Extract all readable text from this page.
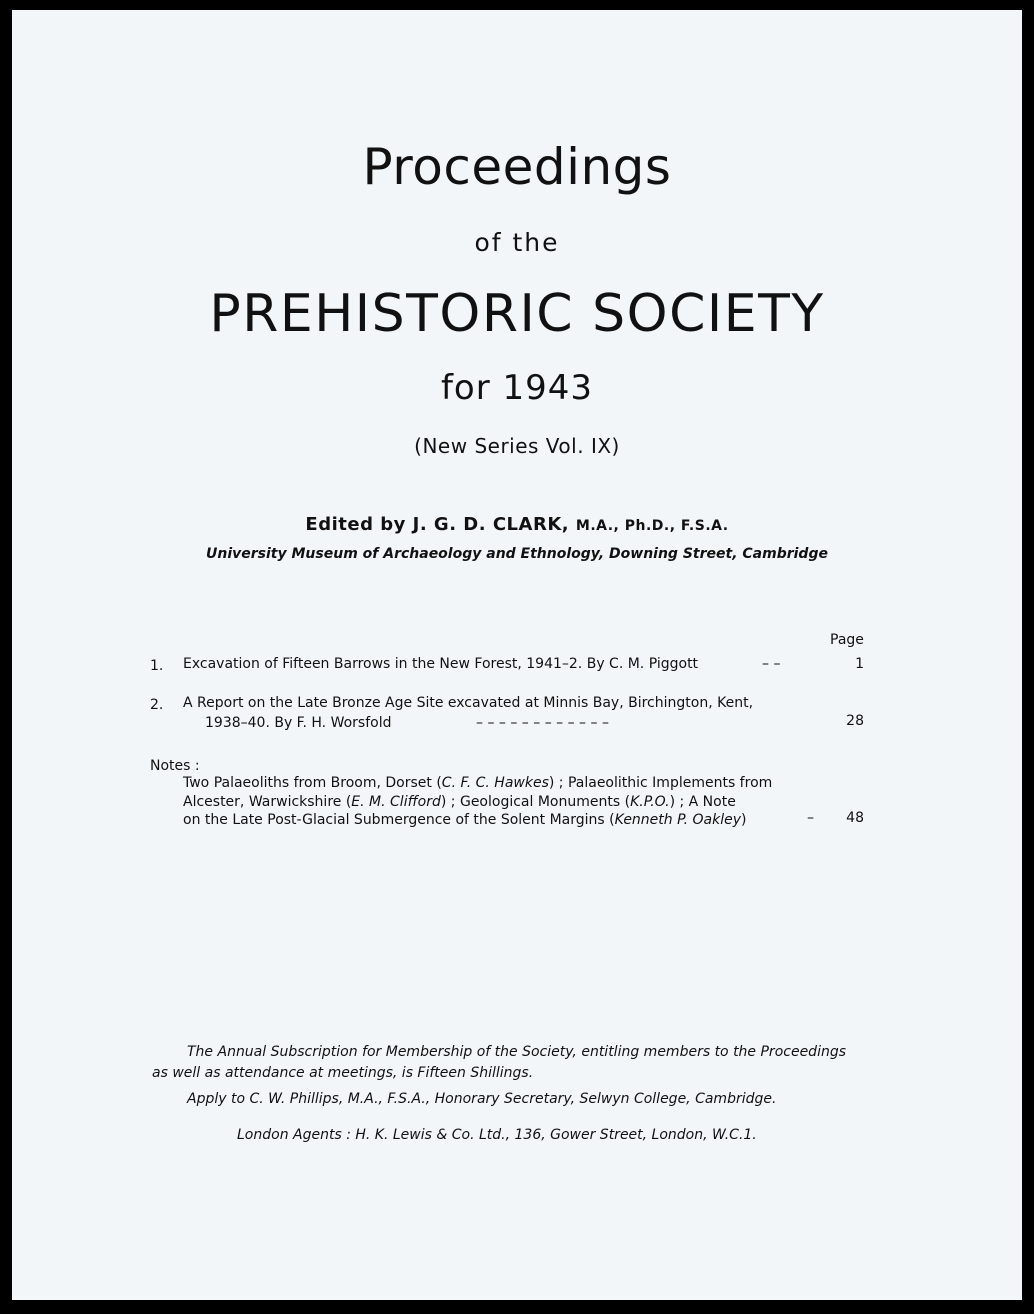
Proceedings
of the
PREHISTORIC SOCIETY
for 1943
(New Series Vol. IX)
Edited by J. G. D. CLARK, M.A., Ph.D., F.S.A.
University Museum of Archaeology and Ethnology, Downing Street, Cambridge
Page
1. Excavation of Fifteen Barrows in the New Forest, 1941–2. By C. M. Piggott	– –	1
2. A Report on the Late Bronze Age Site excavated at Minnis Bay, Birchington, Kent,
1938–40. By F. H. Worsfold	– – – – – – – – – – – –	28
Notes :
Two Palaeoliths from Broom, Dorset (C. F. C. Hawkes) ; Palaeolithic Implements from
Alcester, Warwickshire (E. M. Clifford) ; Geological Monuments (K.P.O.) ; A Note
on the Late Post-Glacial Submergence of the Solent Margins (Kenneth P. Oakley)	–	48
The Annual Subscription for Membership of the Society, entitling members to the Proceedings
as well as attendance at meetings, is Fifteen Shillings.
Apply to C. W. Phillips, M.A., F.S.A., Honorary Secretary, Selwyn College, Cambridge.
London Agents : H. K. Lewis & Co. Ltd., 136, Gower Street, London, W.C.1.
